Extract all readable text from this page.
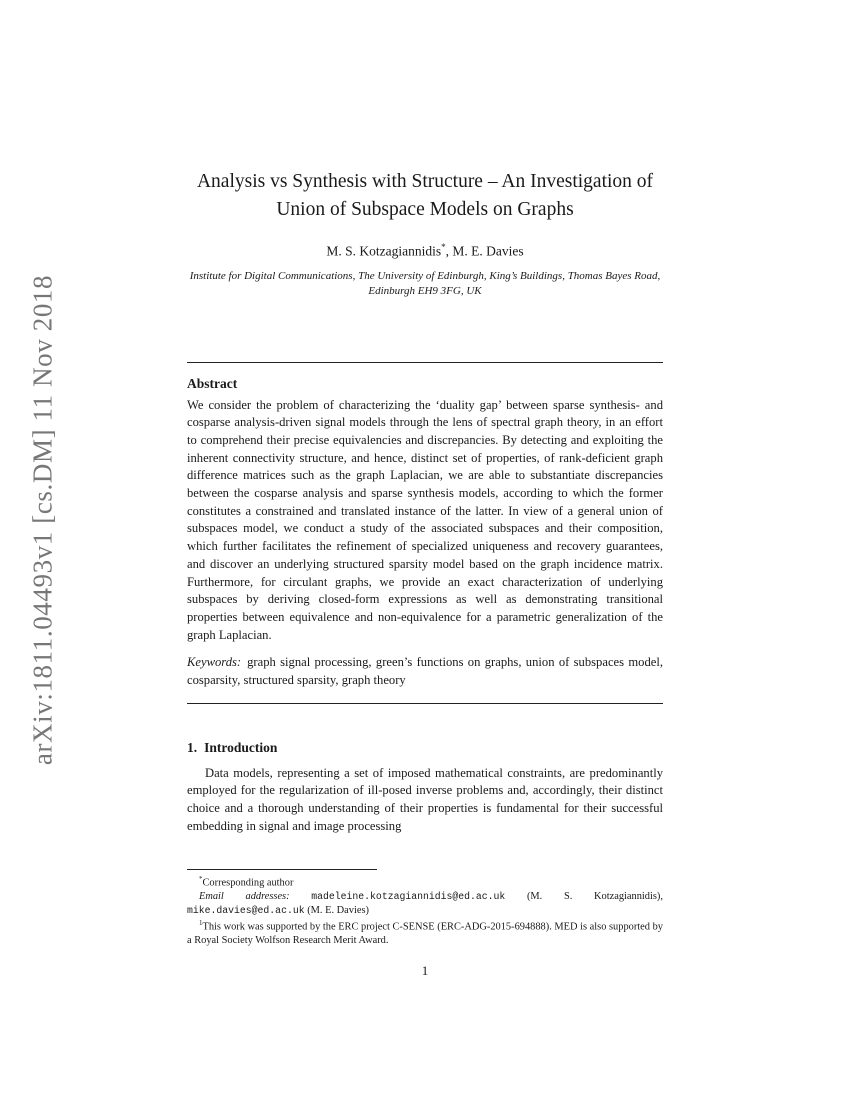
arXiv:1811.04493v1 [cs.DM] 11 Nov 2018
Analysis vs Synthesis with Structure – An Investigation of Union of Subspace Models on Graphs
M. S. Kotzagiannidis*, M. E. Davies
Institute for Digital Communications, The University of Edinburgh, King’s Buildings, Thomas Bayes Road, Edinburgh EH9 3FG, UK
Abstract
We consider the problem of characterizing the ‘duality gap’ between sparse synthesis- and cosparse analysis-driven signal models through the lens of spectral graph theory, in an effort to comprehend their precise equivalencies and discrepancies. By detecting and exploiting the inherent connectivity structure, and hence, distinct set of properties, of rank-deficient graph difference matrices such as the graph Laplacian, we are able to substantiate discrepancies between the cosparse analysis and sparse synthesis models, according to which the former constitutes a constrained and translated instance of the latter. In view of a general union of subspaces model, we conduct a study of the associated subspaces and their composition, which further facilitates the refinement of specialized uniqueness and recovery guarantees, and discover an underlying structured sparsity model based on the graph incidence matrix. Furthermore, for circulant graphs, we provide an exact characterization of underlying subspaces by deriving closed-form expressions as well as demonstrating transitional properties between equivalence and non-equivalence for a parametric generalization of the graph Laplacian.
Keywords: graph signal processing, green’s functions on graphs, union of subspaces model, cosparsity, structured sparsity, graph theory
1. Introduction
Data models, representing a set of imposed mathematical constraints, are predominantly employed for the regularization of ill-posed inverse problems and, accordingly, their distinct choice and a thorough understanding of their properties is fundamental for their successful embedding in signal and image processing
*Corresponding author
Email addresses: madeleine.kotzagiannidis@ed.ac.uk (M. S. Kotzagiannidis), mike.davies@ed.ac.uk (M. E. Davies)
$^1$This work was supported by the ERC project C-SENSE (ERC-ADG-2015-694888). MED is also supported by a Royal Society Wolfson Research Merit Award.
1
